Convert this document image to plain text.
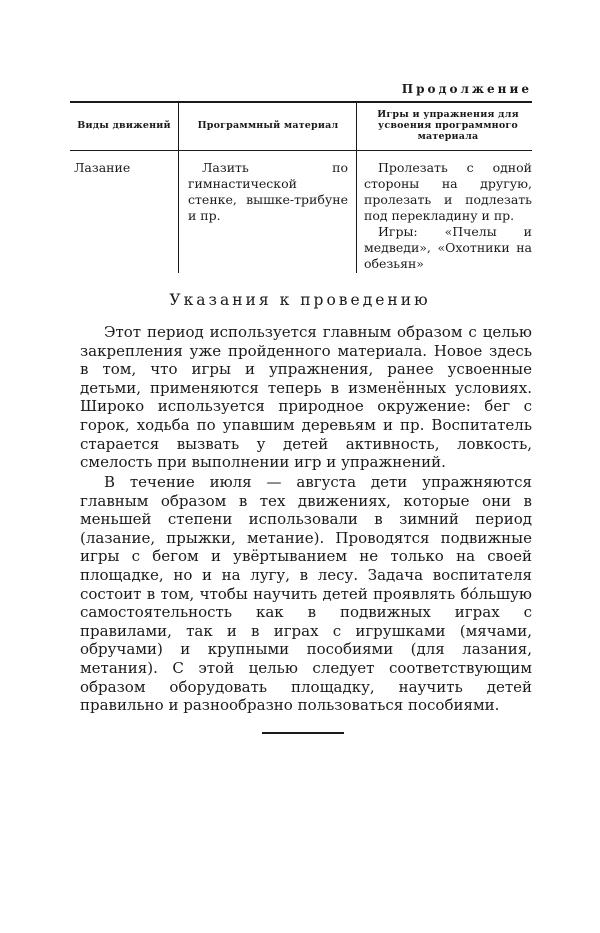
Продолжение
Виды движений	Программный материал
Игры и упражнения для усвоения программного материала
Лазание	Лазить по гимнастической стенке, вышке-трибуне и пр.

Пролезать с одной стороны на другую, пролезать и подлезать под перекладину и пр.

Игры: «Пчелы и медведи», «Охотники на обезьян»

Указания к проведению

Этот период используется главным образом с целью закрепления уже пройденного материала. Новое здесь в том, что игры и упражнения, ранее усвоенные детьми, применяются теперь в изменённых условиях. Широко используется природное окружение: бег с горок, ходьба по упавшим деревьям и пр. Воспитатель старается вызвать у детей активность, ловкость, смелость при выполнении игр и упражнений.

В течение июля — августа дети упражняются главным образом в тех движениях, которые они в меньшей степени использовали в зимний период (лазание, прыжки, метание). Проводятся подвижные игры с бегом и увёртыванием не только на своей площадке, но и на лугу, в лесу. Задача воспитателя состоит в том, чтобы научить детей проявлять бо́льшую самостоятельность как в подвижных играх с правилами, так и в играх с игрушками (мячами, обручами) и крупными пособиями (для лазания, метания). С этой целью следует соответствующим образом оборудовать площадку, научить детей правильно и разнообразно пользоваться пособиями.
